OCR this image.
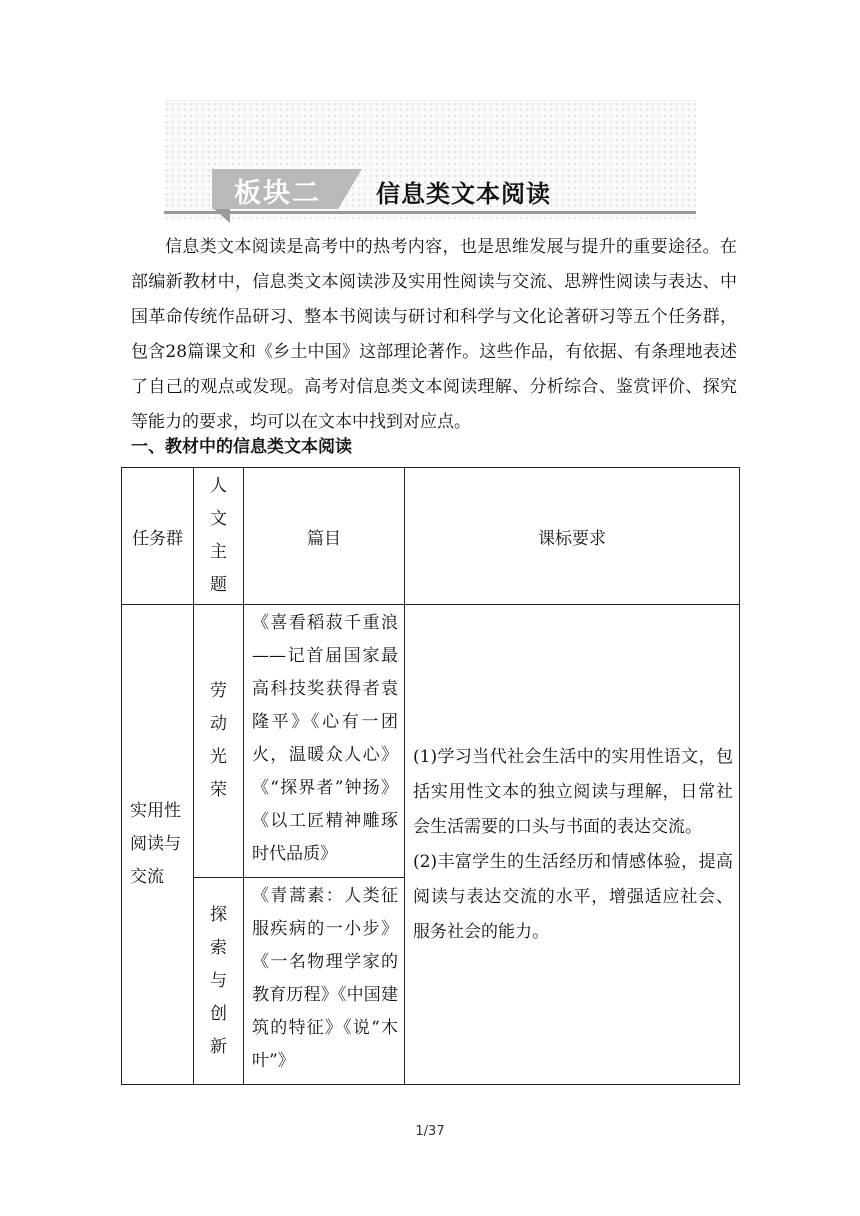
板块二 信息类文本阅读

信息类文本阅读是高考中的热考内容，也是思维发展与提升的重要途径。在部编新教材中，信息类文本阅读涉及实用性阅读与交流、思辨性阅读与表达、中国革命传统作品研习、整本书阅读与研讨和科学与文化论著研习等五个任务群，包含28篇课文和《乡土中国》这部理论著作。这些作品，有依据、有条理地表述了自己的观点或发现。高考对信息类文本阅读理解、分析综合、鉴赏评价、探究等能力的要求，均可以在文本中找到对应点。

一、教材中的信息类文本阅读
任务群	人文主题	篇目	课标要求
实用性阅读与交流	劳动光荣	《喜看稻菽千重浪——记首届国家最高科技奖获得者袁隆平》《心有一团火，温暖众人心》《“探界者”钟扬》《以工匠精神雕琢时代品质》	(1)学习当代社会生活中的实用性语文，包括实用性文本的独立阅读与理解，日常社会生活需要的口头与书面的表达交流。

(2)丰富学生的生活经历和情感体验，提高阅读与表达交流的水平，增强适应社会、服务社会的能力。

	探索与创新	《青蒿素：人类征服疾病的一小步》《一名物理学家的教育历程》《中国建筑的特征》《说“木叶”》	
1/37
